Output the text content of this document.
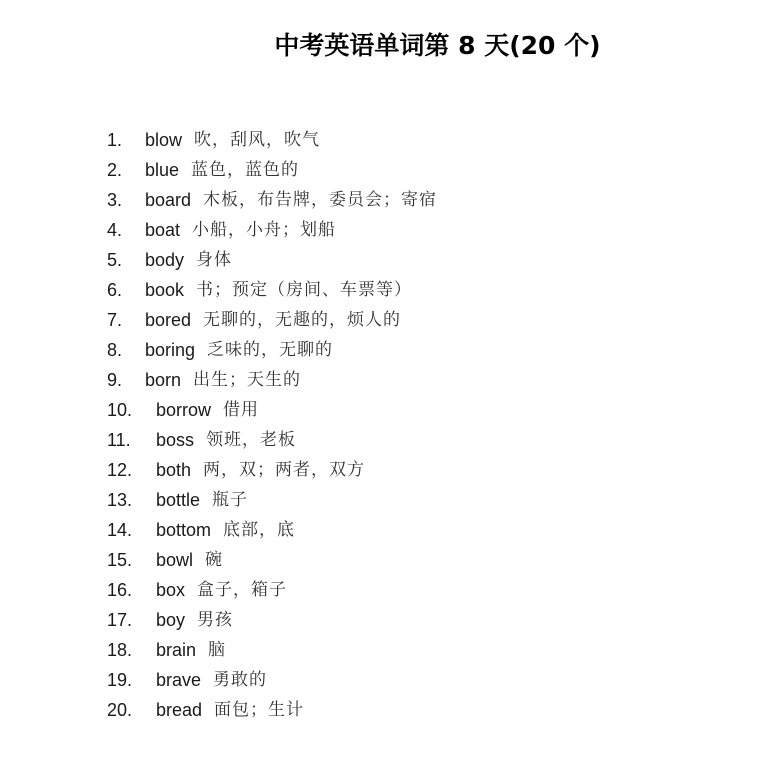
中考英语单词第 8 天(20 个)
1. blow 吹，刮风，吹气
2. blue 蓝色，蓝色的
3. board 木板，布告牌，委员会；寄宿
4. boat 小船，小舟；划船
5. body 身体
6. book 书；预定（房间、车票等）
7. bored 无聊的，无趣的，烦人的
8. boring 乏味的，无聊的
9. born 出生；天生的
10. borrow 借用
11. boss 领班，老板
12. both 两，双；两者，双方
13. bottle 瓶子
14. bottom 底部，底
15. bowl 碗
16. box 盒子，箱子
17. boy 男孩
18. brain 脑
19. brave 勇敢的
20. bread 面包；生计
